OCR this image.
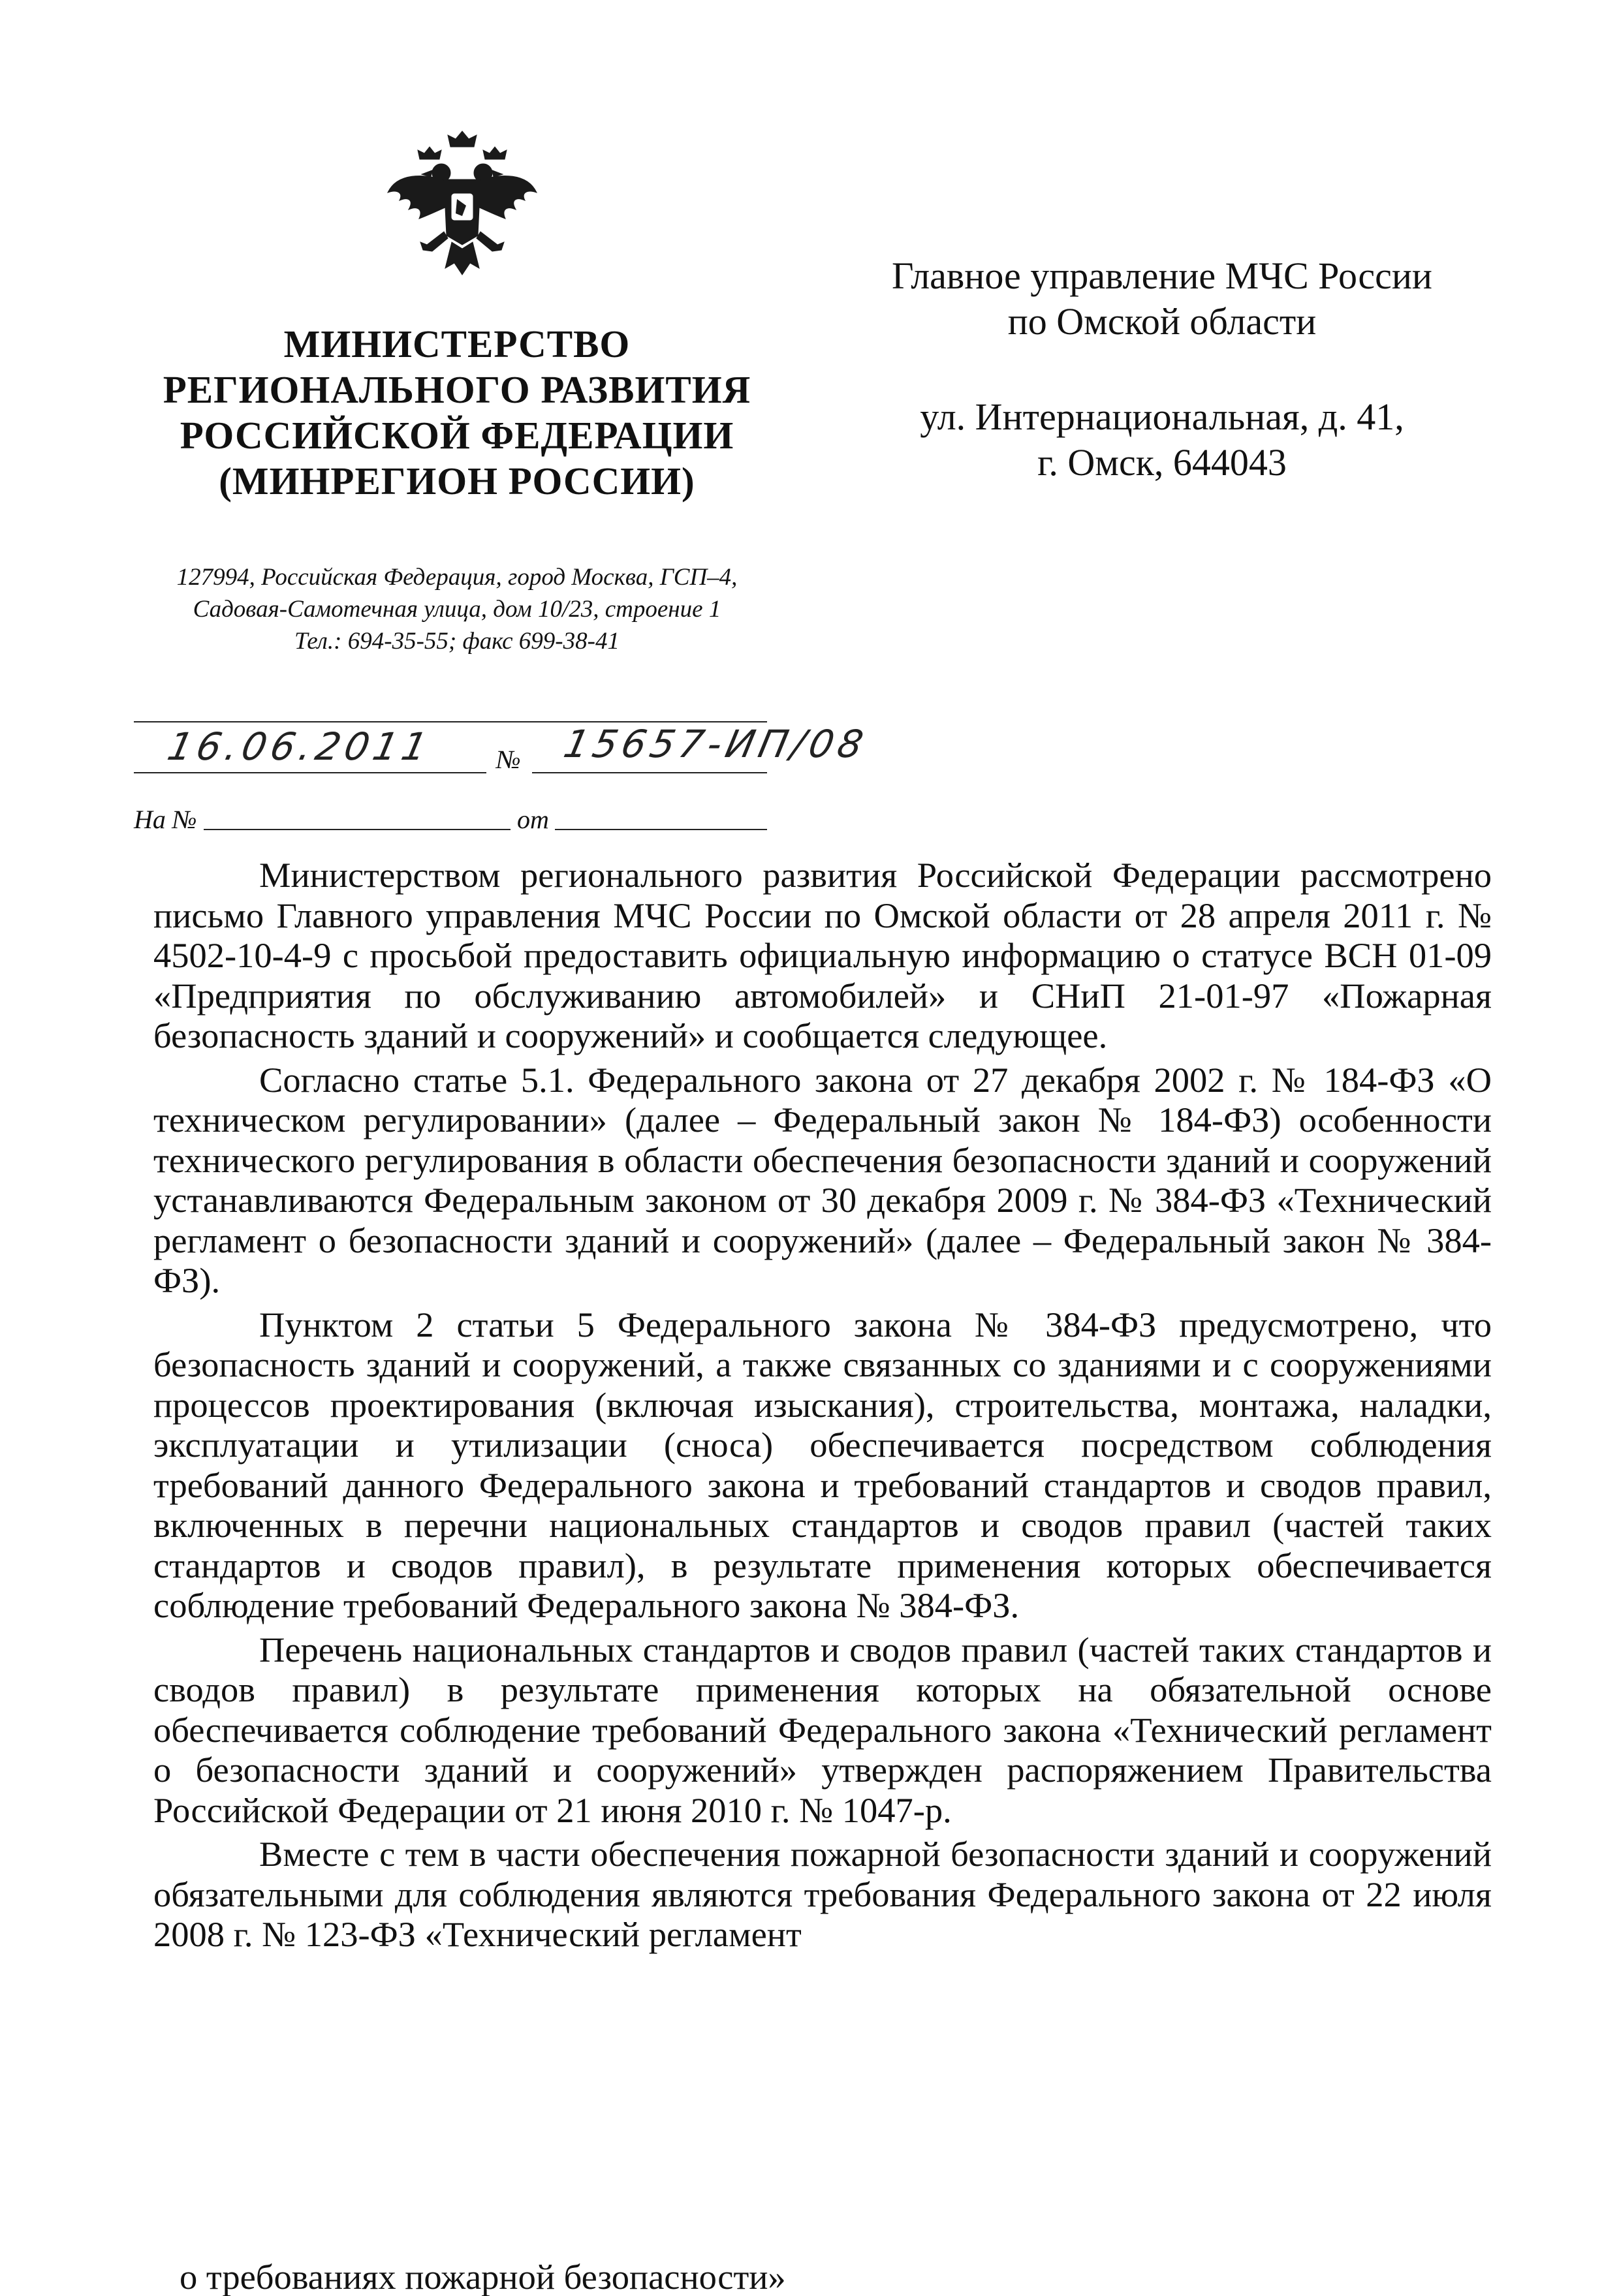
МИНИСТЕРСТВО
РЕГИОНАЛЬНОГО РАЗВИТИЯ
РОССИЙСКОЙ ФЕДЕРАЦИИ
(МИНРЕГИОН РОССИИ)
127994, Российская Федерация, город Москва, ГСП–4,
Садовая-Самотечная улица, дом 10/23, строение 1
Тел.: 694-35-55; факс 699-38-41
Главное управление МЧС России
по Омской области
ул. Интернациональная, д. 41,
г. Омск, 644043
16.06.2011 № 15657-ИП/08
На №	от

Министерством регионального развития Российской Федерации рассмотрено письмо Главного управления МЧС России по Омской области от 28 апреля 2011 г. № 4502-10-4-9 с просьбой предоставить официальную информацию о статусе ВСН 01-09 «Предприятия по обслуживанию автомобилей» и СНиП 21-01-97 «Пожарная безопасность зданий и сооружений» и сообщается следующее.

Согласно статье 5.1. Федерального закона от 27 декабря 2002 г. № 184-ФЗ «О техническом регулировании» (далее – Федеральный закон № 184-ФЗ) особенности технического регулирования в области обеспечения безопасности зданий и сооружений устанавливаются Федеральным законом от 30 декабря 2009 г. № 384-ФЗ «Технический регламент о безопасности зданий и сооружений» (далее – Федеральный закон № 384-ФЗ).

Пунктом 2 статьи 5 Федерального закона № 384-ФЗ предусмотрено, что безопасность зданий и сооружений, а также связанных со зданиями и с сооружениями процессов проектирования (включая изыскания), строительства, монтажа, наладки, эксплуатации и утилизации (сноса) обеспечивается посредством соблюдения требований данного Федерального закона и требований стандартов и сводов правил, включенных в перечни национальных стандартов и сводов правил (частей таких стандартов и сводов правил), в результате применения которых обеспечивается соблюдение требований Федерального закона № 384-ФЗ.

Перечень национальных стандартов и сводов правил (частей таких стандартов и сводов правил) в результате применения которых на обязательной основе обеспечивается соблюдение требований Федерального закона «Технический регламент о безопасности зданий и сооружений» утвержден распоряжением Правительства Российской Федерации от 21 июня 2010 г. № 1047-р.

Вместе с тем в части обеспечения пожарной безопасности зданий и сооружений обязательными для соблюдения являются требования Федерального закона от 22 июля 2008 г. № 123-ФЗ «Технический регламент

о требованиях пожарной безопасности»
